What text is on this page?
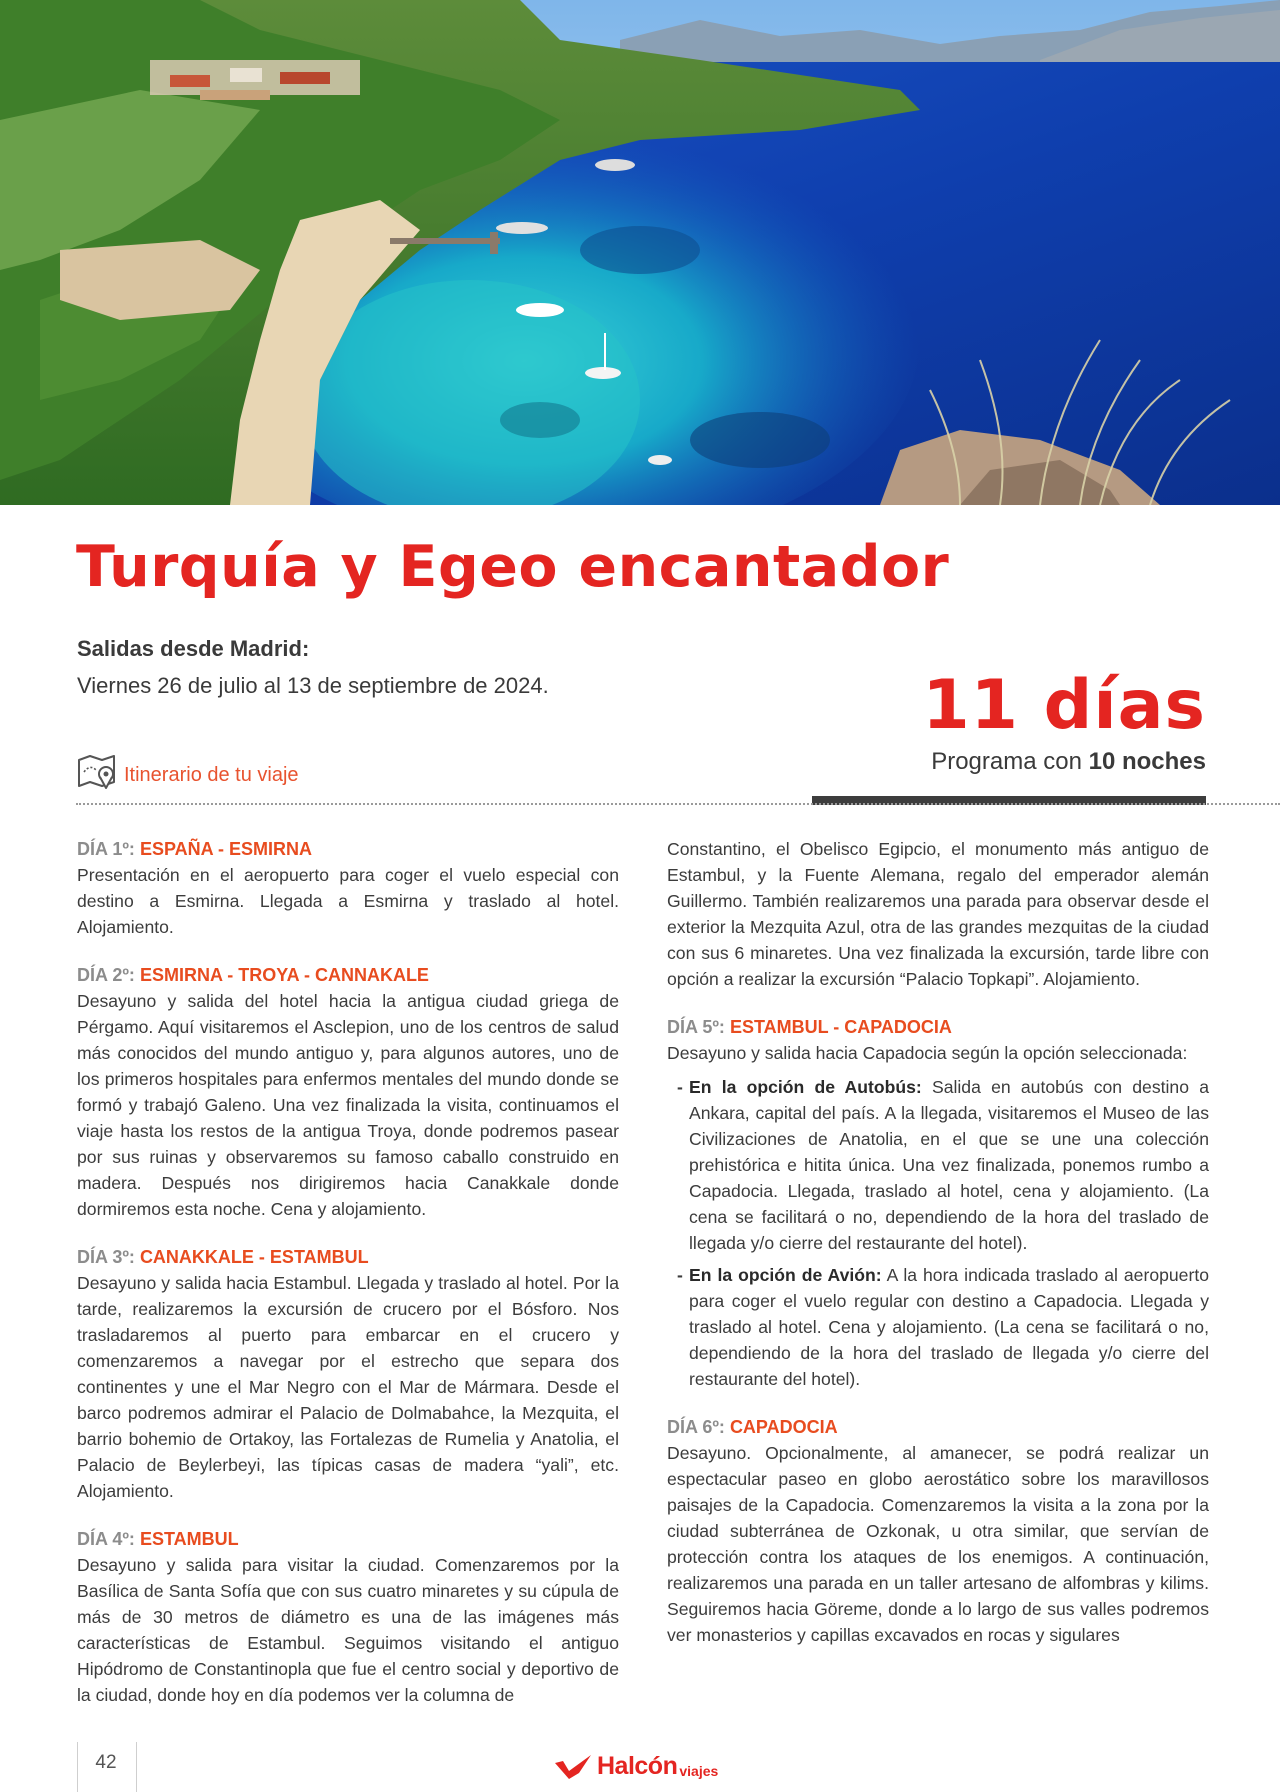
Turquía y Egeo encantador
Salidas desde Madrid:
Viernes 26 de julio al 13 de septiembre de 2024.	11 días
Programa con 10 noches
Itinerario de tu viaje

DÍA 1º: ESPAÑA - ESMIRNA

Presentación en el aeropuerto para coger el vuelo especial con destino a Esmirna. Llegada a Esmirna y traslado al hotel. Alojamiento.

DÍA 2º: ESMIRNA - TROYA - CANNAKALE

Desayuno y salida del hotel hacia la antigua ciudad griega de Pérgamo. Aquí visitaremos el Asclepion, uno de los centros de salud más conocidos del mundo antiguo y, para algunos autores, uno de los primeros hospitales para enfermos mentales del mundo donde se formó y trabajó Galeno. Una vez finalizada la visita, continuamos el viaje hasta los restos de la antigua Troya, donde podremos pasear por sus ruinas y observaremos su famoso caballo construido en madera. Después nos dirigiremos hacia Canakkale donde dormiremos esta noche. Cena y alojamiento.

DÍA 3º: CANAKKALE - ESTAMBUL

Desayuno y salida hacia Estambul. Llegada y traslado al hotel. Por la tarde, realizaremos la excursión de crucero por el Bósforo. Nos trasladaremos al puerto para embarcar en el crucero y comenzaremos a navegar por el estrecho que separa dos continentes y une el Mar Negro con el Mar de Mármara. Desde el barco podremos admirar el Palacio de Dolmabahce, la Mezquita, el barrio bohemio de Ortakoy, las Fortalezas de Rumelia y Anatolia, el Palacio de Beylerbeyi, las típicas casas de madera “yali”, etc. Alojamiento.

DÍA 4º: ESTAMBUL

Desayuno y salida para visitar la ciudad. Comenzaremos por la Basílica de Santa Sofía que con sus cuatro minaretes y su cúpula de más de 30 metros de diámetro es una de las imágenes más características de Estambul. Seguimos visitando el antiguo Hipódromo de Constantinopla que fue el centro social y deportivo de la ciudad, donde hoy en día podemos ver la columna de

Constantino, el Obelisco Egipcio, el monumento más antiguo de Estambul, y la Fuente Alemana, regalo del emperador alemán Guillermo. También realizaremos una parada para observar desde el exterior la Mezquita Azul, otra de las grandes mezquitas de la ciudad con sus 6 minaretes. Una vez finalizada la excursión, tarde libre con opción a realizar la excursión “Palacio Topkapi”. Alojamiento.

DÍA 5º: ESTAMBUL - CAPADOCIA

Desayuno y salida hacia Capadocia según la opción seleccionada:

- En la opción de Autobús: Salida en autobús con destino a Ankara, capital del país. A la llegada, visitaremos el Museo de las Civilizaciones de Anatolia, en el que se une una colección prehistórica e hitita única. Una vez finalizada, ponemos rumbo a Capadocia. Llegada, traslado al hotel, cena y alojamiento. (La cena se facilitará o no, dependiendo de la hora del traslado de llegada y/o cierre del restaurante del hotel).
- En la opción de Avión: A la hora indicada traslado al aeropuerto para coger el vuelo regular con destino a Capadocia. Llegada y traslado al hotel. Cena y alojamiento. (La cena se facilitará o no, dependiendo de la hora del traslado de llegada y/o cierre del restaurante del hotel).

DÍA 6º: CAPADOCIA

Desayuno. Opcionalmente, al amanecer, se podrá realizar un espectacular paseo en globo aerostático sobre los maravillosos paisajes de la Capadocia. Comenzaremos la visita a la zona por la ciudad subterránea de Ozkonak, u otra similar, que servían de protección contra los ataques de los enemigos. A continuación, realizaremos una parada en un taller artesano de alfombras y kilims. Seguiremos hacia Göreme, donde a lo largo de sus valles podremos ver monasterios y capillas excavados en rocas y sigulares

42	Halcón viajes
